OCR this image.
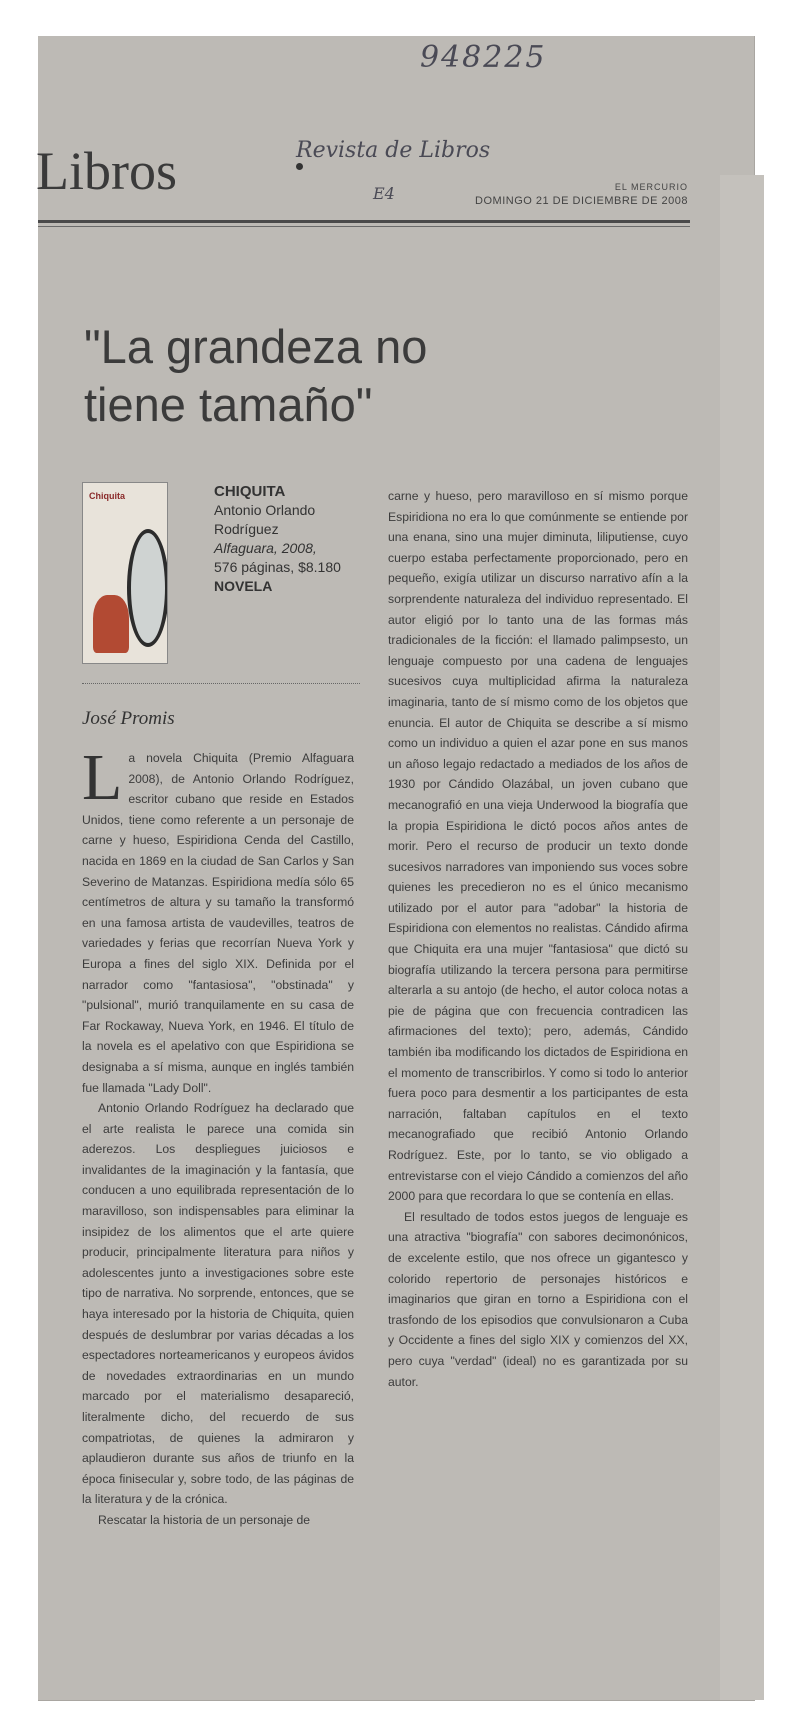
948225
Revista de Libros
E4
Libros	EL MERCURIO
DOMINGO 21 DE DICIEMBRE DE 2008
"La grandeza no tiene tamaño"
Chiquita	CHIQUITA
Antonio Orlando Rodríguez
Alfaguara, 2008,
576 páginas, $8.180
NOVELA
José Promis
L a novela Chiquita (Premio Alfaguara 2008), de Antonio Orlando Rodríguez, escritor cubano que reside en Estados Unidos, tiene como referente a un personaje de carne y hueso, Espiridiona Cenda del Castillo, nacida en 1869 en la ciudad de San Carlos y San Severino de Matanzas. Espiridiona medía sólo 65 centímetros de altura y su tamaño la transformó en una famosa artista de vaudevilles, teatros de variedades y ferias que recorrían Nueva York y Europa a fines del siglo XIX. Definida por el narrador como "fantasiosa", "obstinada" y "pulsional", murió tranquilamente en su casa de Far Rockaway, Nueva York, en 1946. El título de la novela es el apelativo con que Espiridiona se designaba a sí misma, aunque en inglés también fue llamada "Lady Doll".

Antonio Orlando Rodríguez ha declarado que el arte realista le parece una comida sin aderezos. Los despliegues juiciosos e invalidantes de la imaginación y la fantasía, que conducen a uno equilibrada representación de lo maravilloso, son indispensables para eliminar la insipidez de los alimentos que el arte quiere producir, principalmente literatura para niños y adolescentes junto a investigaciones sobre este tipo de narrativa. No sorprende, entonces, que se haya interesado por la historia de Chiquita, quien después de deslumbrar por varias décadas a los espectadores norteamericanos y europeos ávidos de novedades extraordinarias en un mundo marcado por el materialismo desapareció, literalmente dicho, del recuerdo de sus compatriotas, de quienes la admiraron y aplaudieron durante sus años de triunfo en la época finisecular y, sobre todo, de las páginas de la literatura y de la crónica.

Rescatar la historia de un personaje de

carne y hueso, pero maravilloso en sí mismo porque Espiridiona no era lo que comúnmente se entiende por una enana, sino una mujer diminuta, liliputiense, cuyo cuerpo estaba perfectamente proporcionado, pero en pequeño, exigía utilizar un discurso narrativo afín a la sorprendente naturaleza del individuo representado. El autor eligió por lo tanto una de las formas más tradicionales de la ficción: el llamado palimpsesto, un lenguaje compuesto por una cadena de lenguajes sucesivos cuya multiplicidad afirma la naturaleza imaginaria, tanto de sí mismo como de los objetos que enuncia. El autor de Chiquita se describe a sí mismo como un individuo a quien el azar pone en sus manos un añoso legajo redactado a mediados de los años de 1930 por Cándido Olazábal, un joven cubano que mecanografió en una vieja Underwood la biografía que la propia Espiridiona le dictó pocos años antes de morir. Pero el recurso de producir un texto donde sucesivos narradores van imponiendo sus voces sobre quienes les precedieron no es el único mecanismo utilizado por el autor para "adobar" la historia de Espiridiona con elementos no realistas. Cándido afirma que Chiquita era una mujer "fantasiosa" que dictó su biografía utilizando la tercera persona para permitirse alterarla a su antojo (de hecho, el autor coloca notas a pie de página que con frecuencia contradicen las afirmaciones del texto); pero, además, Cándido también iba modificando los dictados de Espiridiona en el momento de transcribirlos. Y como si todo lo anterior fuera poco para desmentir a los participantes de esta narración, faltaban capítulos en el texto mecanografiado que recibió Antonio Orlando Rodríguez. Este, por lo tanto, se vio obligado a entrevistarse con el viejo Cándido a comienzos del año 2000 para que recordara lo que se contenía en ellas.

El resultado de todos estos juegos de lenguaje es una atractiva "biografía" con sabores decimonónicos, de excelente estilo, que nos ofrece un gigantesco y colorido repertorio de personajes históricos e imaginarios que giran en torno a Espiridiona con el trasfondo de los episodios que convulsionaron a Cuba y Occidente a fines del siglo XIX y comienzos del XX, pero cuya "verdad" (ideal) no es garantizada por su autor.
